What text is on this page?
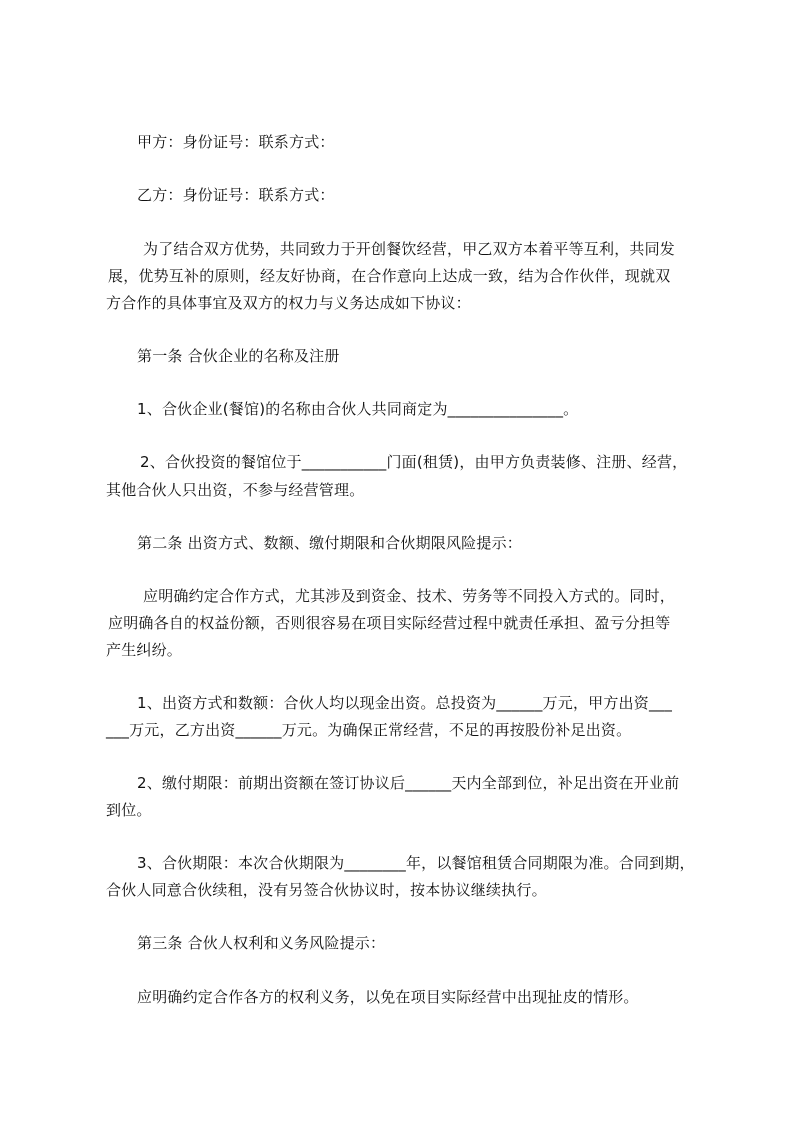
甲方：身份证号：联系方式：
乙方：身份证号：联系方式：
为了结合双方优势，共同致力于开创餐饮经营，甲乙双方本着平等互利，共同发
展，优势互补的原则，经友好协商，在合作意向上达成一致，结为合作伙伴，现就双
方合作的具体事宜及双方的权力与义务达成如下协议：
第一条 合伙企业的名称及注册
1、合伙企业(餐馆)的名称由合伙人共同商定为_______________。
2、合伙投资的餐馆位于___________门面(租赁)，由甲方负责装修、注册、经营，
其他合伙人只出资，不参与经营管理。
第二条 出资方式、数额、缴付期限和合伙期限风险提示：
应明确约定合作方式，尤其涉及到资金、技术、劳务等不同投入方式的。同时，
应明确各自的权益份额，否则很容易在项目实际经营过程中就责任承担、盈亏分担等
产生纠纷。
1、出资方式和数额：合伙人均以现金出资。总投资为______万元，甲方出资___
___万元，乙方出资______万元。为确保正常经营，不足的再按股份补足出资。
2、缴付期限：前期出资额在签订协议后______天内全部到位，补足出资在开业前
到位。
3、合伙期限：本次合伙期限为________年，以餐馆租赁合同期限为准。合同到期，
合伙人同意合伙续租，没有另签合伙协议时，按本协议继续执行。
第三条 合伙人权利和义务风险提示：
应明确约定合作各方的权利义务，以免在项目实际经营中出现扯皮的情形。
